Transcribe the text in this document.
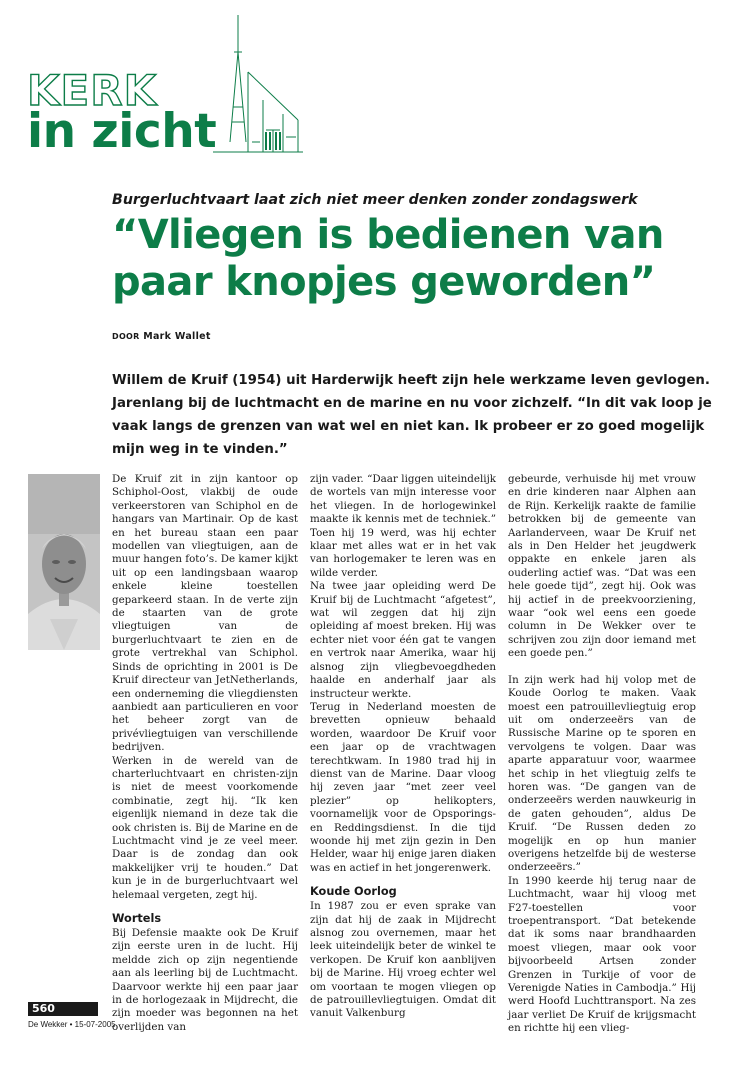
KERK
in zicht

Burgerluchtvaart laat zich niet meer denken zonder zondagswerk

“Vliegen is bedienen van paar knopjes geworden”

DOOR Mark Wallet

Willem de Kruif (1954) uit Harderwijk heeft zijn hele werkzame leven gevlogen. Jarenlang bij de luchtmacht en de marine en nu voor zichzelf. “In dit vak loop je vaak langs de grenzen van wat wel en niet kan. Ik probeer er zo goed mogelijk mijn weg in te vinden.”

De Kruif zit in zijn kantoor op Schiphol-Oost, vlakbij de oude verkeerstoren van Schiphol en de hangars van Martinair. Op de kast en het bureau staan een paar modellen van vliegtuigen, aan de muur hangen foto’s. De kamer kijkt uit op een landingsbaan waarop enkele kleine toestellen geparkeerd staan. In de verte zijn de staarten van de grote vliegtuigen van de burgerluchtvaart te zien en de grote vertrekhal van Schiphol. Sinds de oprichting in 2001 is De Kruif directeur van JetNetherlands, een onderneming die vliegdiensten aanbiedt aan particulieren en voor het beheer zorgt van de privévliegtuigen van verschillende bedrijven.

Werken in de wereld van de charterluchtvaart en christen-zijn is niet de meest voorkomende combinatie, zegt hij. “Ik ken eigenlijk niemand in deze tak die ook christen is. Bij de Marine en de Luchtmacht vind je ze veel meer. Daar is de zondag dan ook makkelijker vrij te houden.” Dat kun je in de burgerluchtvaart wel helemaal vergeten, zegt hij.

Wortels

Bij Defensie maakte ook De Kruif zijn eerste uren in de lucht. Hij meldde zich op zijn negentiende aan als leerling bij de Luchtmacht. Daarvoor werkte hij een paar jaar in de horlogezaak in Mijdrecht, die zijn moeder was begonnen na het overlijden van

zijn vader. “Daar liggen uiteindelijk de wortels van mijn interesse voor het vliegen. In de horlogewinkel maakte ik kennis met de techniek.” Toen hij 19 werd, was hij echter klaar met alles wat er in het vak van horlogemaker te leren was en wilde verder.

Na twee jaar opleiding werd De Kruif bij de Luchtmacht “afgetest”, wat wil zeggen dat hij zijn opleiding af moest breken. Hij was echter niet voor één gat te vangen en vertrok naar Amerika, waar hij alsnog zijn vliegbevoegdheden haalde en anderhalf jaar als instructeur werkte.

Terug in Nederland moesten de brevetten opnieuw behaald worden, waardoor De Kruif voor een jaar op de vrachtwagen terechtkwam. In 1980 trad hij in dienst van de Marine. Daar vloog hij zeven jaar “met zeer veel plezier” op helikopters, voornamelijk voor de Opsporings- en Reddingsdienst. In die tijd woonde hij met zijn gezin in Den Helder, waar hij enige jaren diaken was en actief in het jongerenwerk.

Koude Oorlog

In 1987 zou er even sprake van zijn dat hij de zaak in Mijdrecht alsnog zou overnemen, maar het leek uiteindelijk beter de winkel te verkopen. De Kruif kon aanblijven bij de Marine. Hij vroeg echter wel om voortaan te mogen vliegen op de patrouillevliegtuigen. Omdat dit vanuit Valkenburg

gebeurde, verhuisde hij met vrouw en drie kinderen naar Alphen aan de Rijn. Kerkelijk raakte de familie betrokken bij de gemeente van Aarlanderveen, waar De Kruif net als in Den Helder het jeugdwerk oppakte en enkele jaren als ouderling actief was. “Dat was een hele goede tijd”, zegt hij. Ook was hij actief in de preekvoorziening, waar “ook wel eens een goede column in De Wekker over te schrijven zou zijn door iemand met een goede pen.”

In zijn werk had hij volop met de Koude Oorlog te maken. Vaak moest een patrouillevliegtuig erop uit om onderzeeërs van de Russische Marine op te sporen en vervolgens te volgen. Daar was aparte apparatuur voor, waarmee het schip in het vliegtuig zelfs te horen was. “De gangen van de onderzeeërs werden nauwkeurig in de gaten gehouden”, aldus De Kruif. “De Russen deden zo mogelijk en op hun manier overigens hetzelfde bij de westerse onderzeeërs.”

In 1990 keerde hij terug naar de Luchtmacht, waar hij vloog met F27-toestellen voor troepentransport. “Dat betekende dat ik soms naar brandhaarden moest vliegen, maar ook voor bijvoorbeeld Artsen zonder Grenzen in Turkije of voor de Verenigde Naties in Cambodja.” Hij werd Hoofd Luchttransport. Na zes jaar verliet De Kruif de krijgsmacht en richtte hij een vlieg-

560

De Wekker • 15-07-2005
